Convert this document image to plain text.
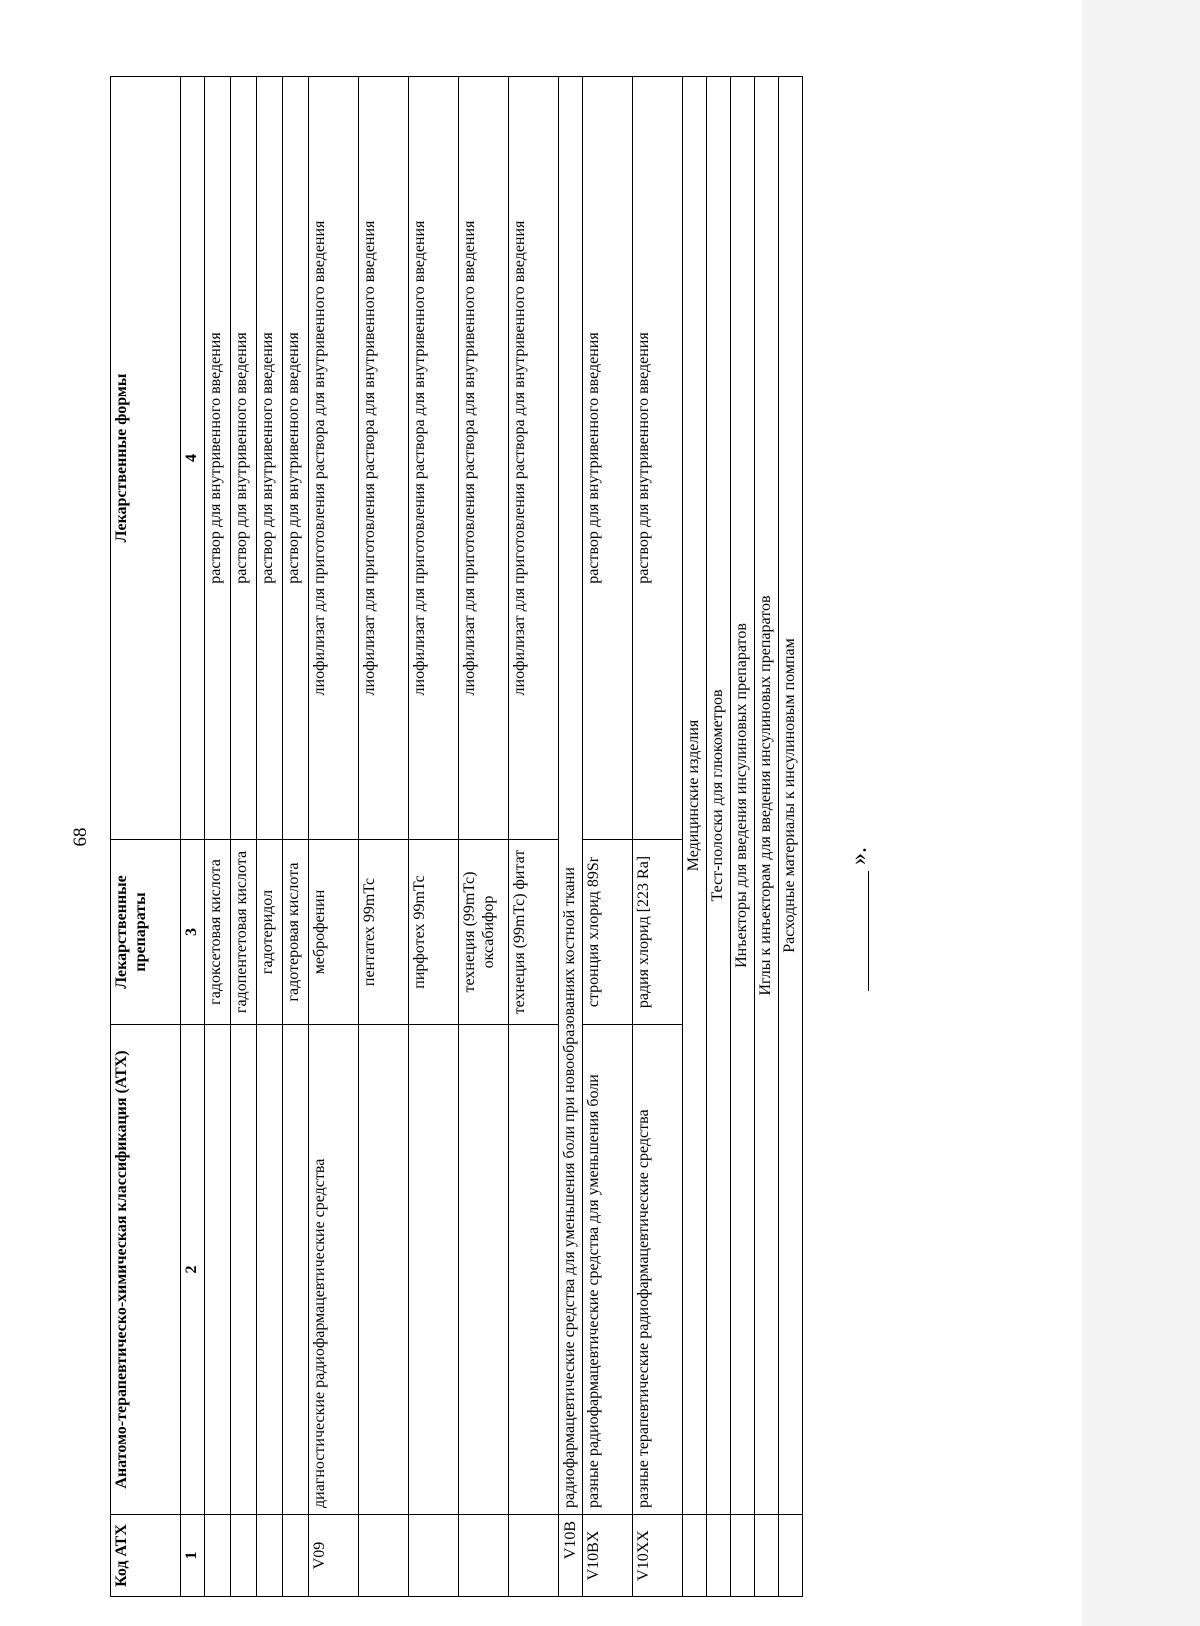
68
Код АТХ	Анатомо-терапевтическо-химическая классификация (АТХ)	Лекарственные препараты	Лекарственные формы
1	2	3	4
		гадоксетовая кислота	раствор для внутривенного введения
		гадопентетовая кислота	раствор для внутривенного введения
		гадотеридол	раствор для внутривенного введения
		гадотеровая кислота	раствор для внутривенного введения
V09	диагностические радиофармацевтические средства	меброфенин	лиофилизат для приготовления раствора для внутривенного введения
		пентатех 99mTc	лиофилизат для приготовления раствора для внутривенного введения
		пирфотех 99mTc	лиофилизат для приготовления раствора для внутривенного введения
		технеция (99mTc) оксабифор	лиофилизат для приготовления раствора для внутривенного введения
		технеция (99mTc) фитат	лиофилизат для приготовления раствора для внутривенного введения
V10B	радиофармацевтические средства для уменьшения боли при новообразованиях костной ткани		
V10BX	разные радиофармацевтические средства для уменьшения боли	стронция хлорид 89Sr	раствор для внутривенного введения
V10XX	разные терапевтические радиофармацевтические средства	радия хлорид [223 Ra]	раствор для внутривенного введения
	Медицинские изделия		
	Тест-полоски для глюкометров		
	Инъекторы для введения инсулиновых препаратов		
	Иглы к инъекторам для введения инсулиновых препаратов		
	Расходные материалы к инсулиновым помпам		».
